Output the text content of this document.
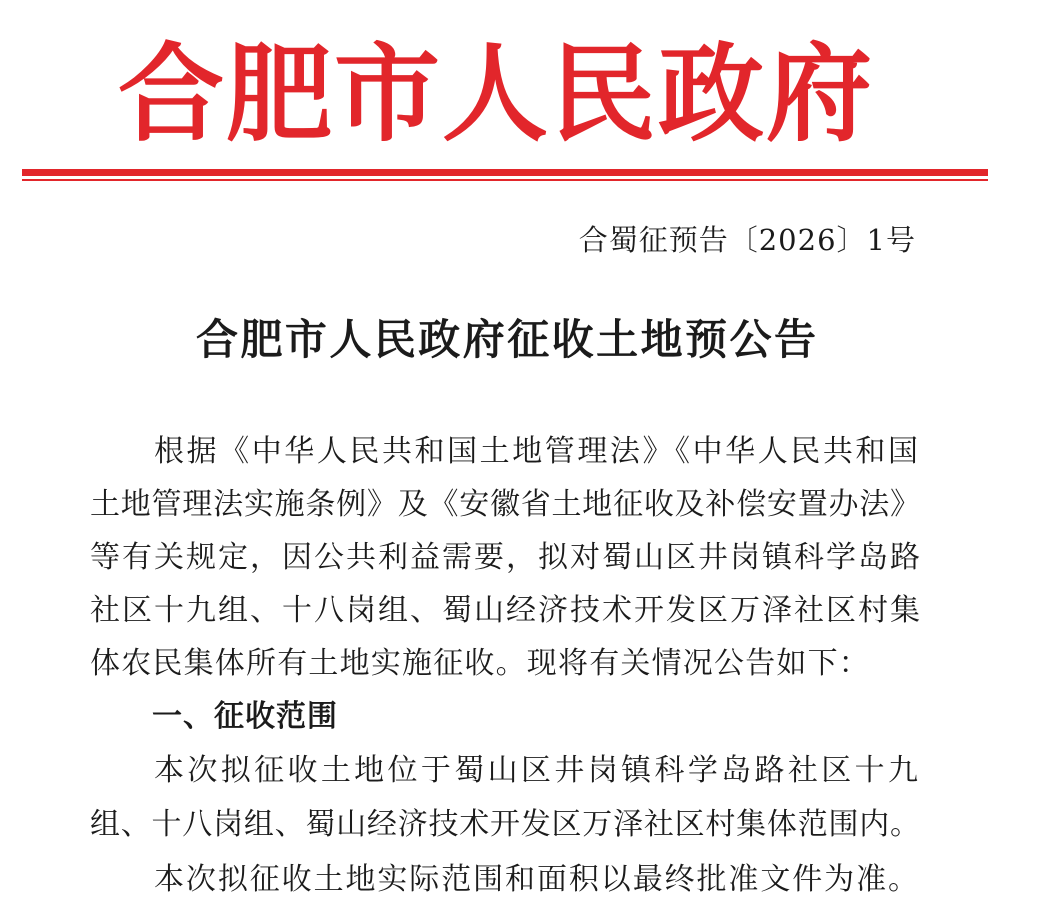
合肥市人民政府
合蜀征预告〔2026〕1号
合肥市人民政府征收土地预公告
根据《中华人民共和国土地管理法》《中华人民共和国
土地管理法实施条例》及《安徽省土地征收及补偿安置办法》
等有关规定，因公共利益需要，拟对蜀山区井岗镇科学岛路
社区十九组、十八岗组、蜀山经济技术开发区万泽社区村集
体农民集体所有土地实施征收。现将有关情况公告如下：
一、征收范围
本次拟征收土地位于蜀山区井岗镇科学岛路社区十九
组、十八岗组、蜀山经济技术开发区万泽社区村集体范围内。
本次拟征收土地实际范围和面积以最终批准文件为准。
